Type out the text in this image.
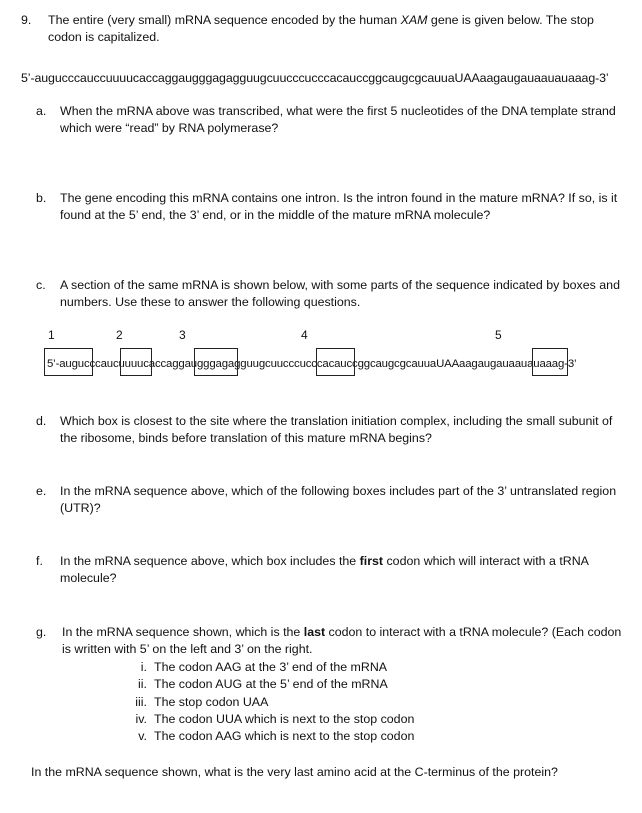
9. The entire (very small) mRNA sequence encoded by the human XAM gene is given below. The stop codon is capitalized.
5’-augucccauccuuuucaccaggaugggagagguugcuucccucccacauccggcaugcgcauuaUAAaagaugauaauauaaag-3’
a. When the mRNA above was transcribed, what were the first 5 nucleotides of the DNA template strand which were “read” by RNA polymerase?
b. The gene encoding this mRNA contains one intron. Is the intron found in the mature mRNA? If so, is it found at the 5’ end, the 3’ end, or in the middle of the mature mRNA molecule?
c. A section of the same mRNA is shown below, with some parts of the sequence indicated by boxes and numbers. Use these to answer the following questions.
1	2	3	4	5
5’-augucccaucuuuucaccaggaugggagagguugcuucccucccacauccggcaugcgcauuaUAAaagaugauaauauaaag-3’
d. Which box is closest to the site where the translation initiation complex, including the small subunit of the ribosome, binds before translation of this mature mRNA begins?
e. In the mRNA sequence above, which of the following boxes includes part of the 3’ untranslated region (UTR)?
f. In the mRNA sequence above, which box includes the first codon which will interact with a tRNA molecule?
g. In the mRNA sequence shown, which is the last codon to interact with a tRNA molecule? (Each codon is written with 5’ on the left and 3’ on the right.
i. The codon AAG at the 3’ end of the mRNA
ii. The codon AUG at the 5’ end of the mRNA
iii. The stop codon UAA
iv. The codon UUA which is next to the stop codon
v. The codon AAG which is next to the stop codon
In the mRNA sequence shown, what is the very last amino acid at the C-terminus of the protein?
